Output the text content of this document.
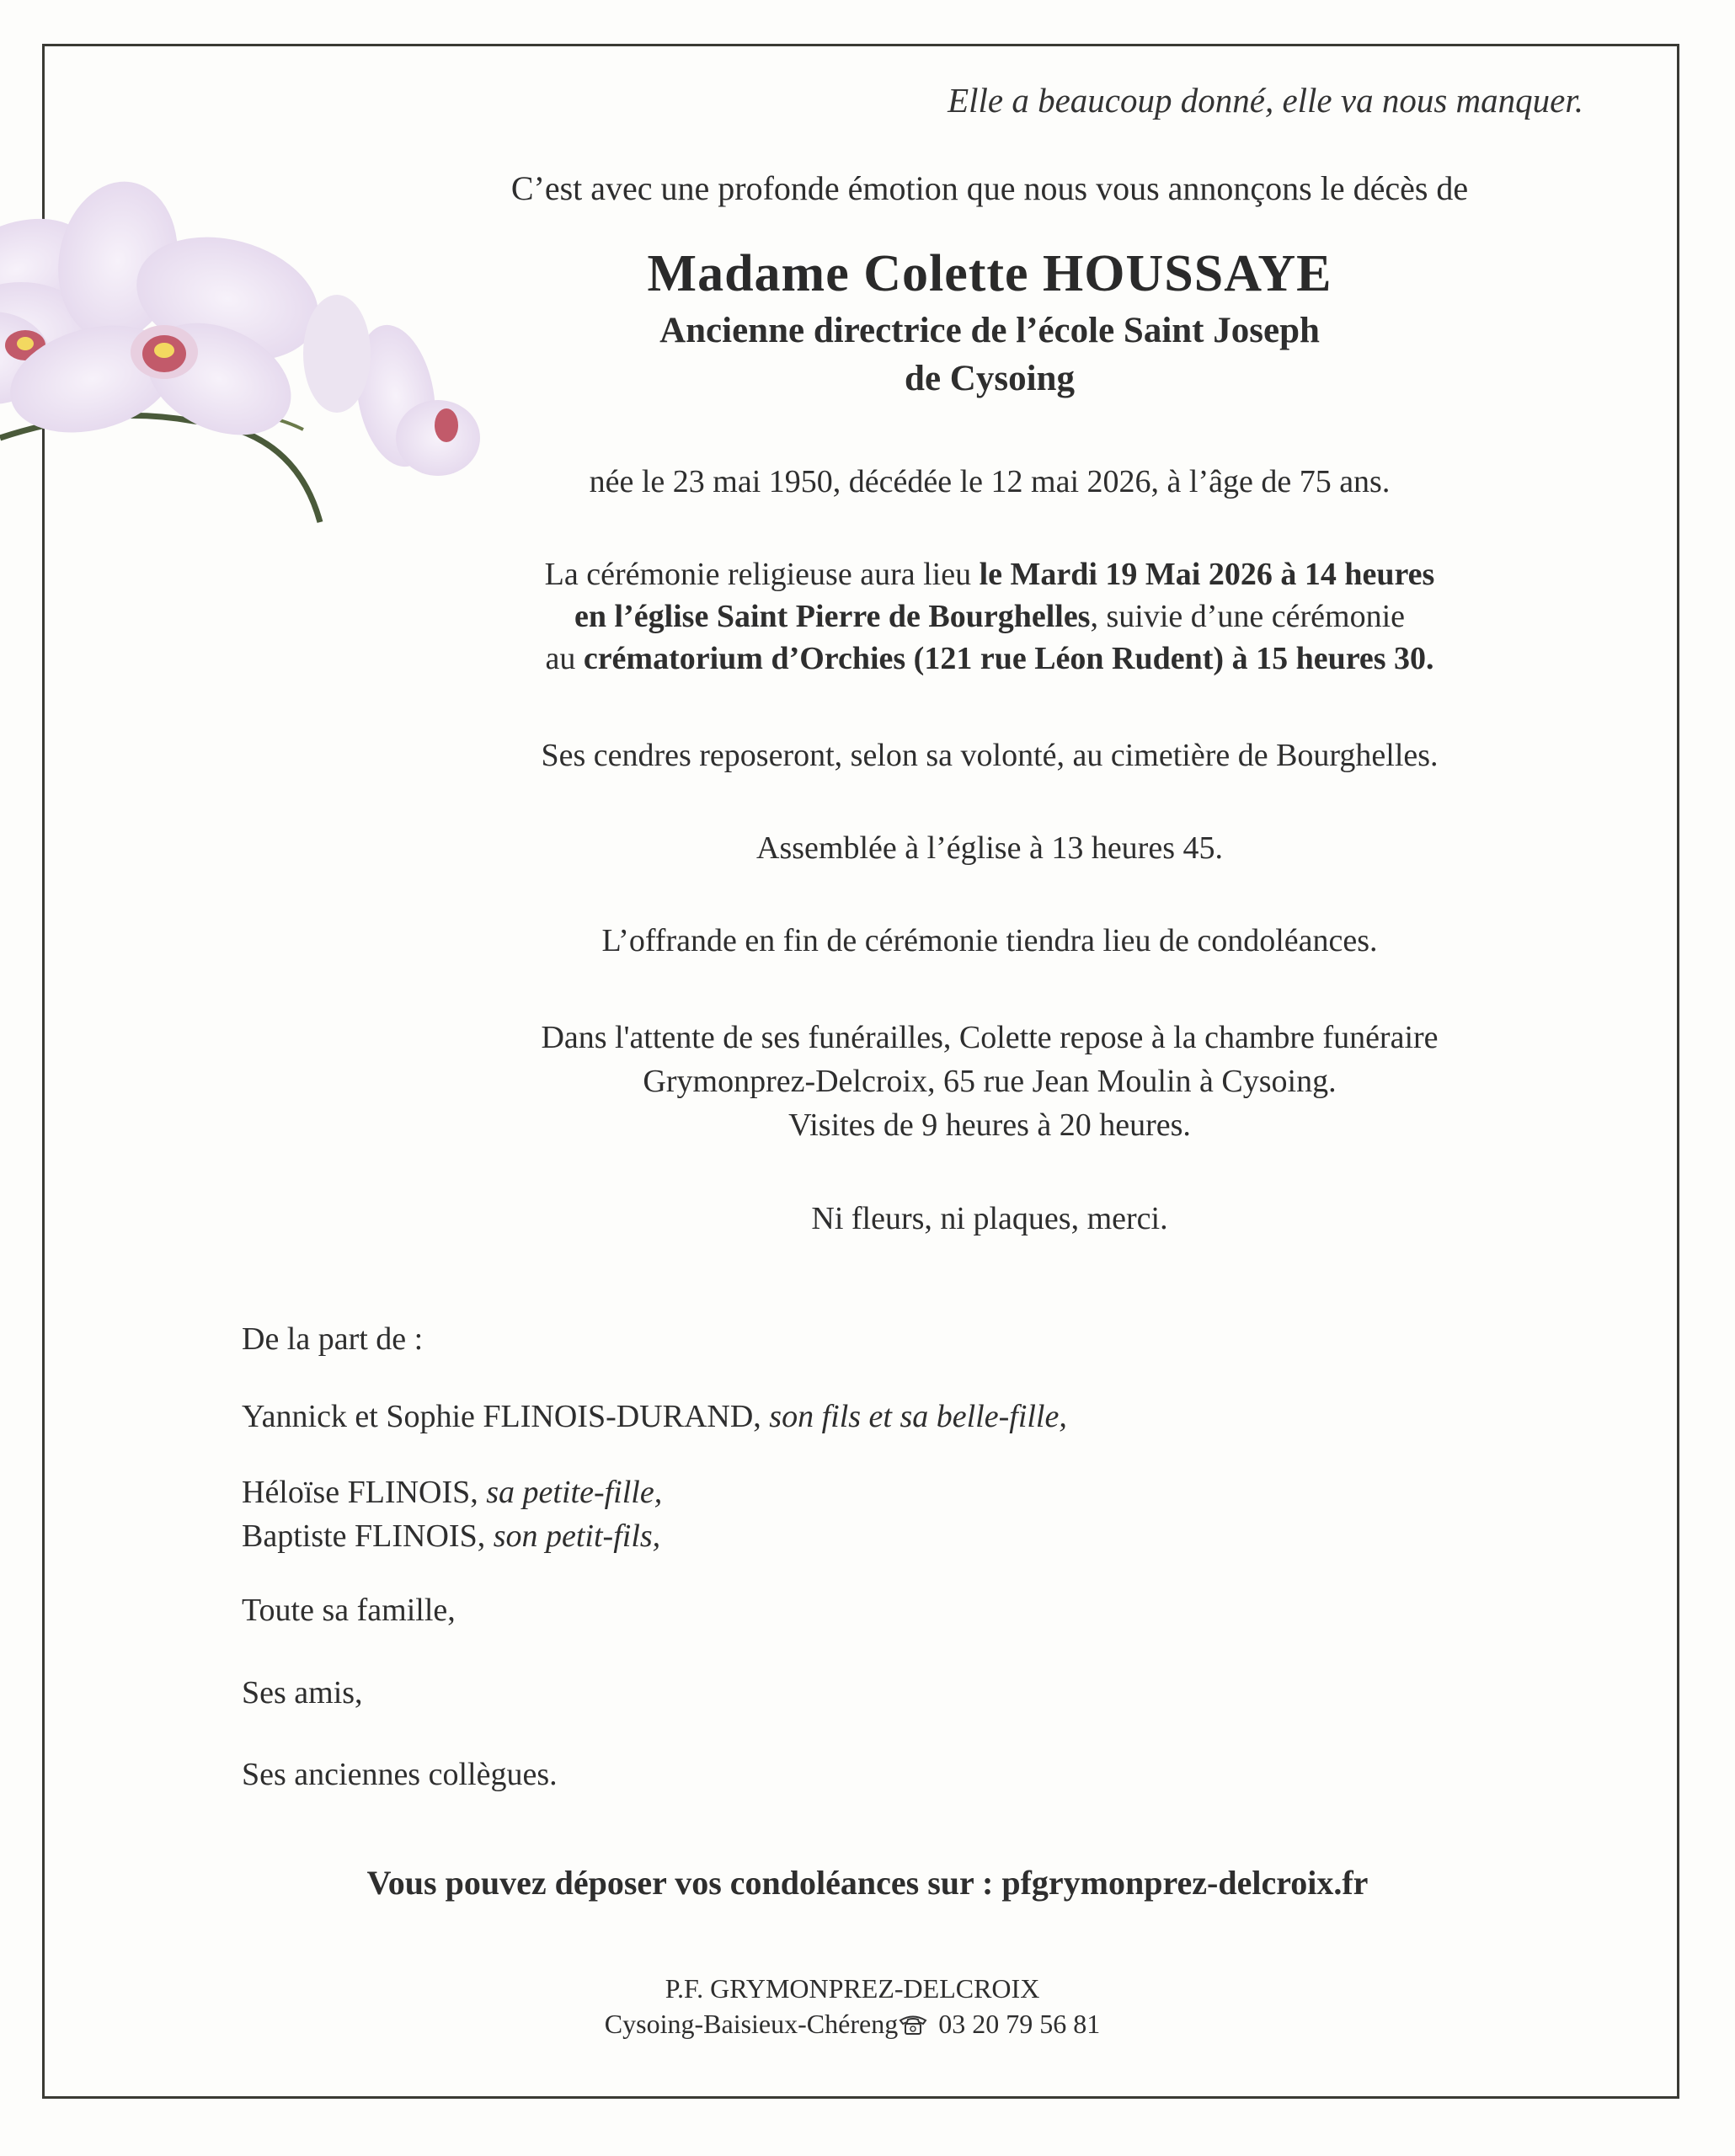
Elle a beaucoup donné, elle va nous manquer.
C’est avec une profonde émotion que nous vous annonçons le décès de
Madame Colette HOUSSAYE
Ancienne directrice de l’école Saint Joseph
de Cysoing
née le 23 mai 1950, décédée le 12 mai 2026, à l’âge de 75 ans.
La cérémonie religieuse aura lieu le Mardi 19 Mai 2026 à 14 heures
en l’église Saint Pierre de Bourghelles, suivie d’une cérémonie
au crématorium d’Orchies (121 rue Léon Rudent) à 15 heures 30.
Ses cendres reposeront, selon sa volonté, au cimetière de Bourghelles.
Assemblée à l’église à 13 heures 45.
L’offrande en fin de cérémonie tiendra lieu de condoléances.
Dans l'attente de ses funérailles, Colette repose à la chambre funéraire
Grymonprez-Delcroix, 65 rue Jean Moulin à Cysoing.
Visites de 9 heures à 20 heures.
Ni fleurs, ni plaques, merci.
De la part de :
Yannick et Sophie FLINOIS-DURAND, son fils et sa belle-fille,
Héloïse FLINOIS, sa petite-fille,
Baptiste FLINOIS, son petit-fils,
Toute sa famille,
Ses amis,
Ses anciennes collègues.
Vous pouvez déposer vos condoléances sur : pfgrymonprez-delcroix.fr
P.F. GRYMONPREZ-DELCROIX
Cysoing-Baisieux-Chéreng 03 20 79 56 81
